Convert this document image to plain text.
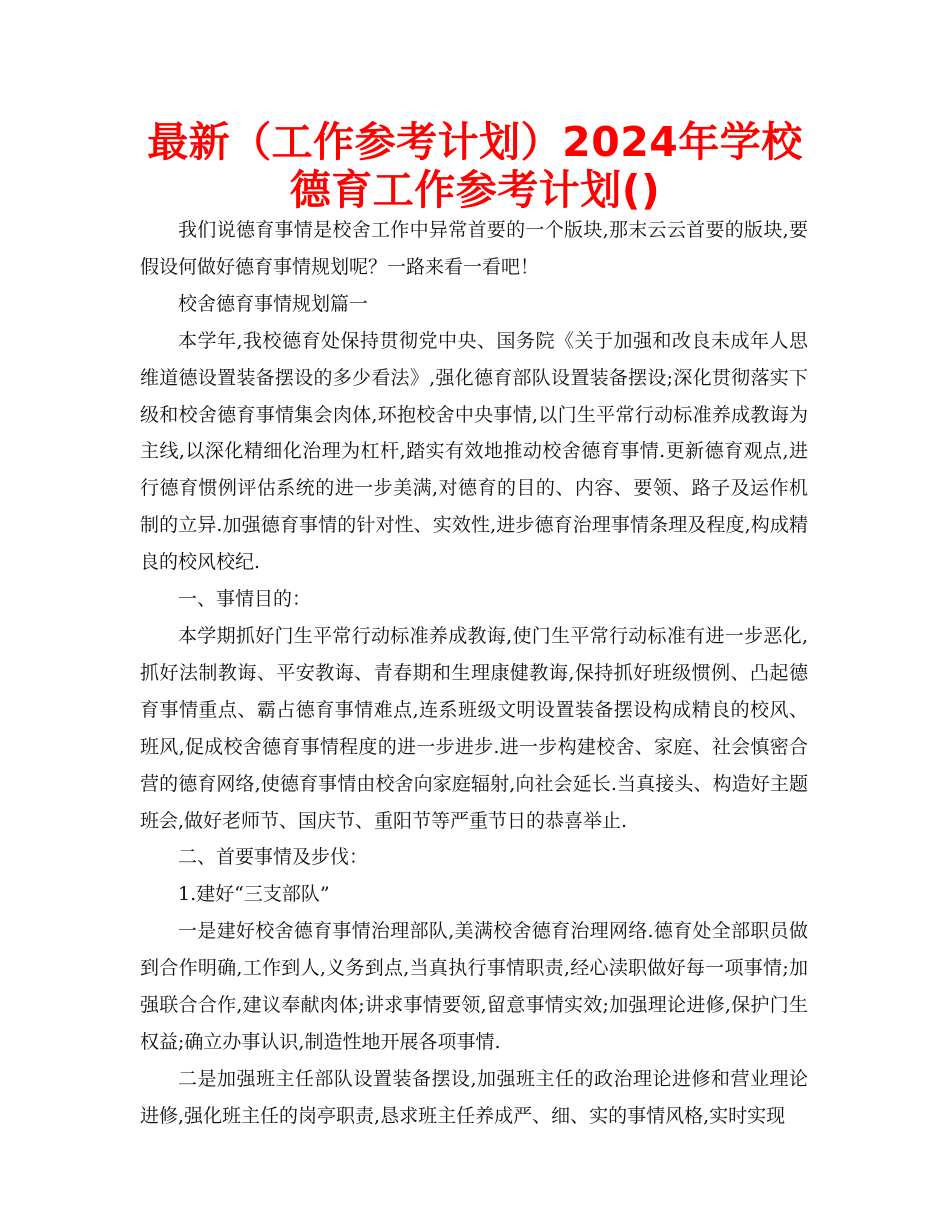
最新（工作参考计划）2024年学校德育工作参考计划()

我们说德育事情是校舍工作中异常首要的一个版块,那末云云首要的版块,要假设何做好德育事情规划呢？一路来看一看吧！

校舍德育事情规划篇一

本学年,我校德育处保持贯彻党中央、国务院《关于加强和改良未成年人思维道德设置装备摆设的多少看法》,强化德育部队设置装备摆设;深化贯彻落实下级和校舍德育事情集会肉体,环抱校舍中央事情,以门生平常行动标准养成教诲为主线,以深化精细化治理为杠杆,踏实有效地推动校舍德育事情.更新德育观点,进行德育惯例评估系统的进一步美满,对德育的目的、内容、要领、路子及运作机制的立异.加强德育事情的针对性、实效性,进步德育治理事情条理及程度,构成精良的校风校纪.

一、事情目的：

本学期抓好门生平常行动标准养成教诲,使门生平常行动标准有进一步恶化,抓好法制教诲、平安教诲、青春期和生理康健教诲,保持抓好班级惯例、凸起德育事情重点、霸占德育事情难点,连系班级文明设置装备摆设构成精良的校风、班风,促成校舍德育事情程度的进一步进步.进一步构建校舍、家庭、社会慎密合营的德育网络,使德育事情由校舍向家庭辐射,向社会延长.当真接头、构造好主题班会,做好老师节、国庆节、重阳节等严重节日的恭喜举止.

二、首要事情及步伐：

1.建好“三支部队”

一是建好校舍德育事情治理部队,美满校舍德育治理网络.德育处全部职员做到合作明确,工作到人,义务到点,当真执行事情职责,经心渎职做好每一项事情;加强联合合作,建议奉献肉体;讲求事情要领,留意事情实效;加强理论进修,保护门生权益;确立办事认识,制造性地开展各项事情.

二是加强班主任部队设置装备摆设,加强班主任的政治理论进修和营业理论进修,强化班主任的岗亭职责,恳求班主任养成严、细、实的事情风格,实时实现
